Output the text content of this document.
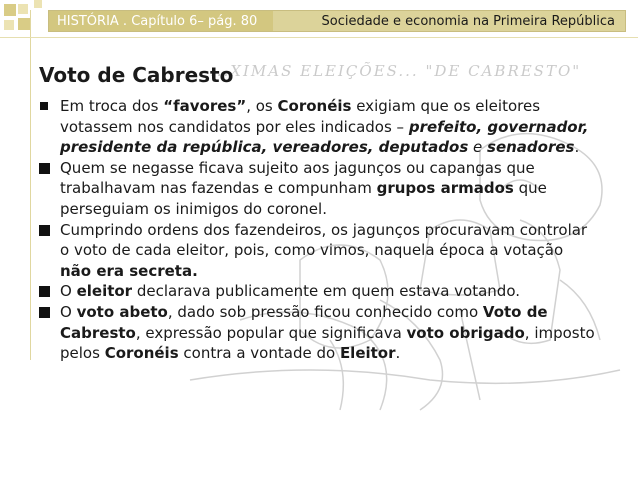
HISTÓRIA . Capítulo 6– pág. 80	Sociedade e economia na Primeira República
...XIMAS ELEIÇÕES... "DE CABRESTO"
Voto de Cabresto
Em troca dos “favores”, os Coronéis exigiam que os eleitores votassem nos candidatos por eles indicados – prefeito, governador, presidente da república, vereadores, deputados e senadores.
Quem se negasse ficava sujeito aos jagunços ou capangas que trabalhavam nas fazendas e compunham grupos armados que perseguiam os inimigos do coronel.
Cumprindo ordens dos fazendeiros, os jagunços procuravam controlar o voto de cada eleitor, pois, como vimos, naquela época a votação não era secreta.
O eleitor declarava publicamente em quem estava votando.
O voto abeto, dado sob pressão ficou conhecido como Voto de Cabresto, expressão popular que significava voto obrigado, imposto pelos Coronéis contra a vontade do Eleitor.
